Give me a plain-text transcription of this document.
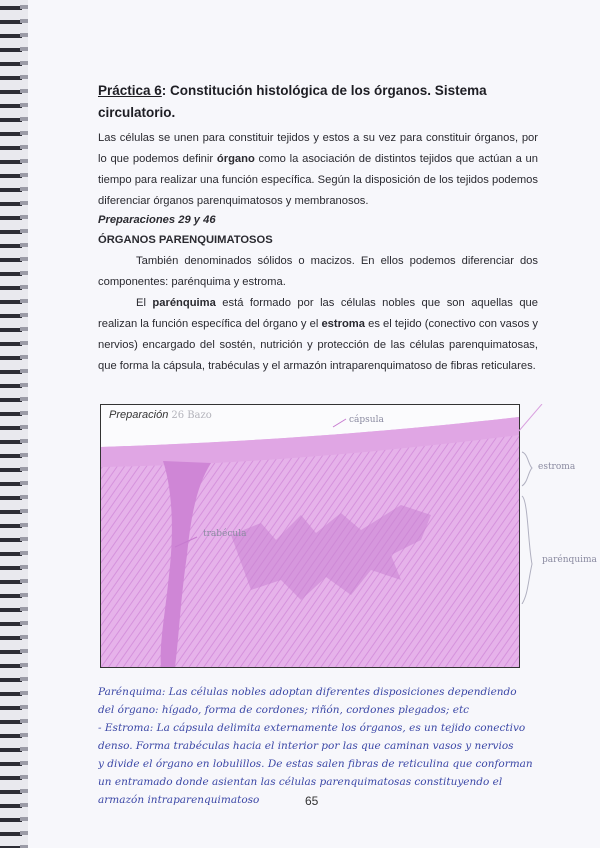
Práctica 6: Constitución histológica de los órganos. Sistema circulatorio.
Las células se unen para constituir tejidos y estos a su vez para constituir órganos, por lo que podemos definir órgano como la asociación de distintos tejidos que actúan a un tiempo para realizar una función específica. Según la disposición de los tejidos podemos diferenciar órganos parenquimatosos y membranosos.
Preparaciones 29 y 46
ÓRGANOS PARENQUIMATOSOS
También denominados sólidos o macizos. En ellos podemos diferenciar dos componentes: parénquima y estroma.
El parénquima está formado por las células nobles que son aquellas que realizan la función específica del órgano y el estroma es el tejido (conectivo con vasos y nervios) encargado del sostén, nutrición y protección de las células parenquimatosas, que forma la cápsula, trabéculas y el armazón intraparenquimatoso de fibras reticulares.
Preparación 26 Bazo	cápsula
trabécula
estroma
parénquima
Parénquima: Las células nobles adoptan diferentes disposiciones dependiendo
del órgano: hígado, forma de cordones; riñón, cordones plegados; etc
- Estroma: La cápsula delimita externamente los órganos, es un tejido conectivo
denso. Forma trabéculas hacia el interior por las que caminan vasos y nervios
y divide el órgano en lobulillos. De estas salen fibras de reticulina que conforman
un entramado donde asientan las células parenquimatosas constituyendo el
armazón intraparenquimatoso	65
